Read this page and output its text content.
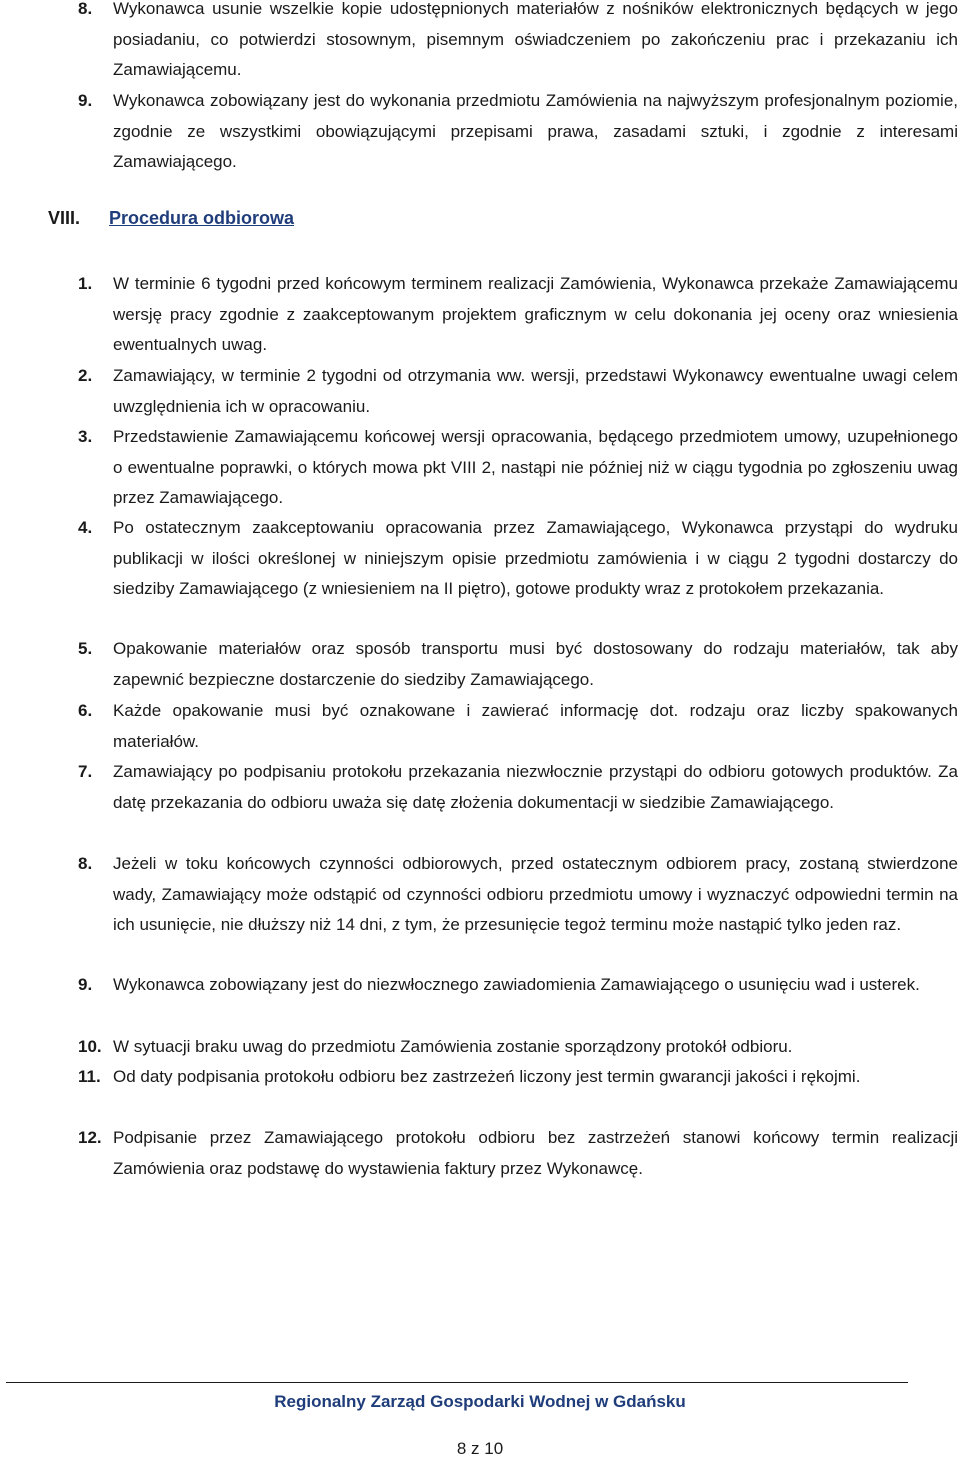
8. Wykonawca usunie wszelkie kopie udostępnionych materiałów z nośników elektronicznych będących w jego posiadaniu, co potwierdzi stosownym, pisemnym oświadczeniem po zakończeniu prac i przekazaniu ich Zamawiającemu.
9. Wykonawca zobowiązany jest do wykonania przedmiotu Zamówienia na najwyższym profesjonalnym poziomie, zgodnie ze wszystkimi obowiązującymi przepisami prawa, zasadami sztuki, i zgodnie z interesami Zamawiającego.
VIII. Procedura odbiorowa
1. W terminie 6 tygodni przed końcowym terminem realizacji Zamówienia, Wykonawca przekaże Zamawiającemu wersję pracy zgodnie z zaakceptowanym projektem graficznym w celu dokonania jej oceny oraz wniesienia ewentualnych uwag.
2. Zamawiający, w terminie 2 tygodni od otrzymania ww. wersji, przedstawi Wykonawcy ewentualne uwagi celem uwzględnienia ich w opracowaniu.
3. Przedstawienie Zamawiającemu końcowej wersji opracowania, będącego przedmiotem umowy, uzupełnionego o ewentualne poprawki, o których mowa pkt VIII 2, nastąpi nie później niż w ciągu tygodnia po zgłoszeniu uwag przez Zamawiającego.
4. Po ostatecznym zaakceptowaniu opracowania przez Zamawiającego, Wykonawca przystąpi do wydruku publikacji w ilości określonej w niniejszym opisie przedmiotu zamówienia i w ciągu 2 tygodni dostarczy do siedziby Zamawiającego (z wniesieniem na II piętro), gotowe produkty wraz z protokołem przekazania.
5. Opakowanie materiałów oraz sposób transportu musi być dostosowany do rodzaju materiałów, tak aby zapewnić bezpieczne dostarczenie do siedziby Zamawiającego.
6. Każde opakowanie musi być oznakowane i zawierać informację dot. rodzaju oraz liczby spakowanych materiałów.
7. Zamawiający po podpisaniu protokołu przekazania niezwłocznie przystąpi do odbioru gotowych produktów. Za datę przekazania do odbioru uważa się datę złożenia dokumentacji w siedzibie Zamawiającego.
8. Jeżeli w toku końcowych czynności odbiorowych, przed ostatecznym odbiorem pracy, zostaną stwierdzone wady, Zamawiający może odstąpić od czynności odbioru przedmiotu umowy i wyznaczyć odpowiedni termin na ich usunięcie, nie dłuższy niż 14 dni, z tym, że przesunięcie tegoż terminu może nastąpić tylko jeden raz.
9. Wykonawca zobowiązany jest do niezwłocznego zawiadomienia Zamawiającego o usunięciu wad i usterek.
10. W sytuacji braku uwag do przedmiotu Zamówienia zostanie sporządzony protokół odbioru.
11. Od daty podpisania protokołu odbioru bez zastrzeżeń liczony jest termin gwarancji jakości i rękojmi.
12. Podpisanie przez Zamawiającego protokołu odbioru bez zastrzeżeń stanowi końcowy termin realizacji Zamówienia oraz podstawę do wystawienia faktury przez Wykonawcę.
Regionalny Zarząd Gospodarki Wodnej w Gdańsku
8 z 10
